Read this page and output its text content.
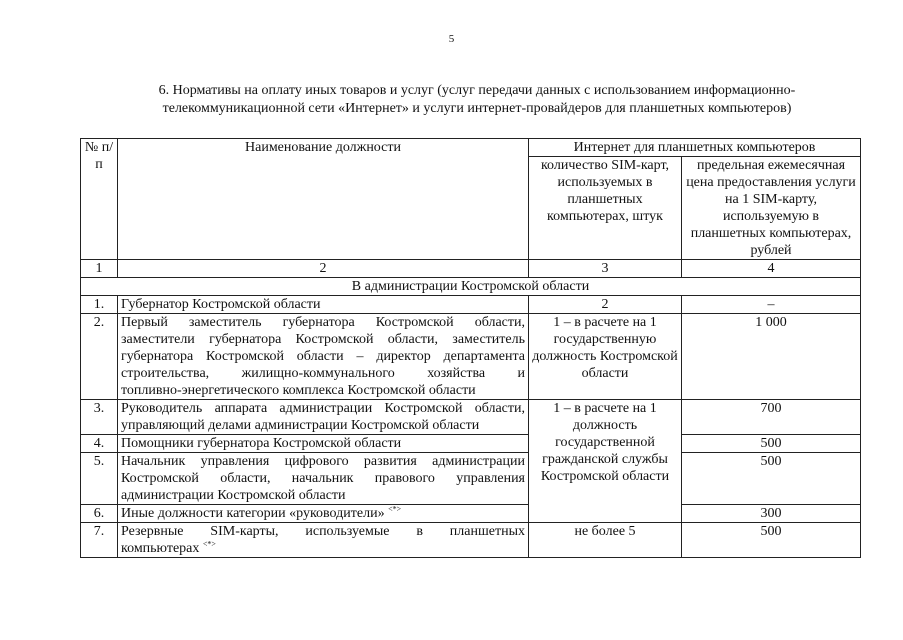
5
6. Нормативы на оплату иных товаров и услуг (услуг передачи данных с использованием информационно-
телекоммуникационной сети «Интернет» и услуги интернет-провайдеров для планшетных компьютеров)
№ п/п	Наименование должности	Интернет для планшетных компьютеров	
		количество SIM-карт, используемых в планшетных компьютерах, штук	предельная ежемесячная цена предоставления услуги на 1 SIM-карту, используемую в планшетных компьютерах, рублей
1	2	3	4
В администрации Костромской области			
1.	Губернатор Костромской области	2	–
2.	Первый заместитель губернатора Костромской области,
заместители губернатора Костромской области, заместитель
губернатора Костромской области – директор департамента
строительства, жилищно-коммунального хозяйства и
топливно-энергетического комплекса Костромской области	1 – в расчете на 1 государственную должность Костромской области	1 000
3.	Руководитель аппарата администрации Костромской области,
управляющий делами администрации Костромской области	1 – в расчете на 1 должность государственной гражданской службы Костромской области	700
4.	Помощники губернатора Костромской области		500
5.	Начальник управления цифрового развития администрации
Костромской области, начальник правового управления
администрации Костромской области		500
6.	Иные должности категории «руководители» <*>		300
7.	Резервные SIM-карты, используемые в планшетных
компьютерах <*>	не более 5	500
